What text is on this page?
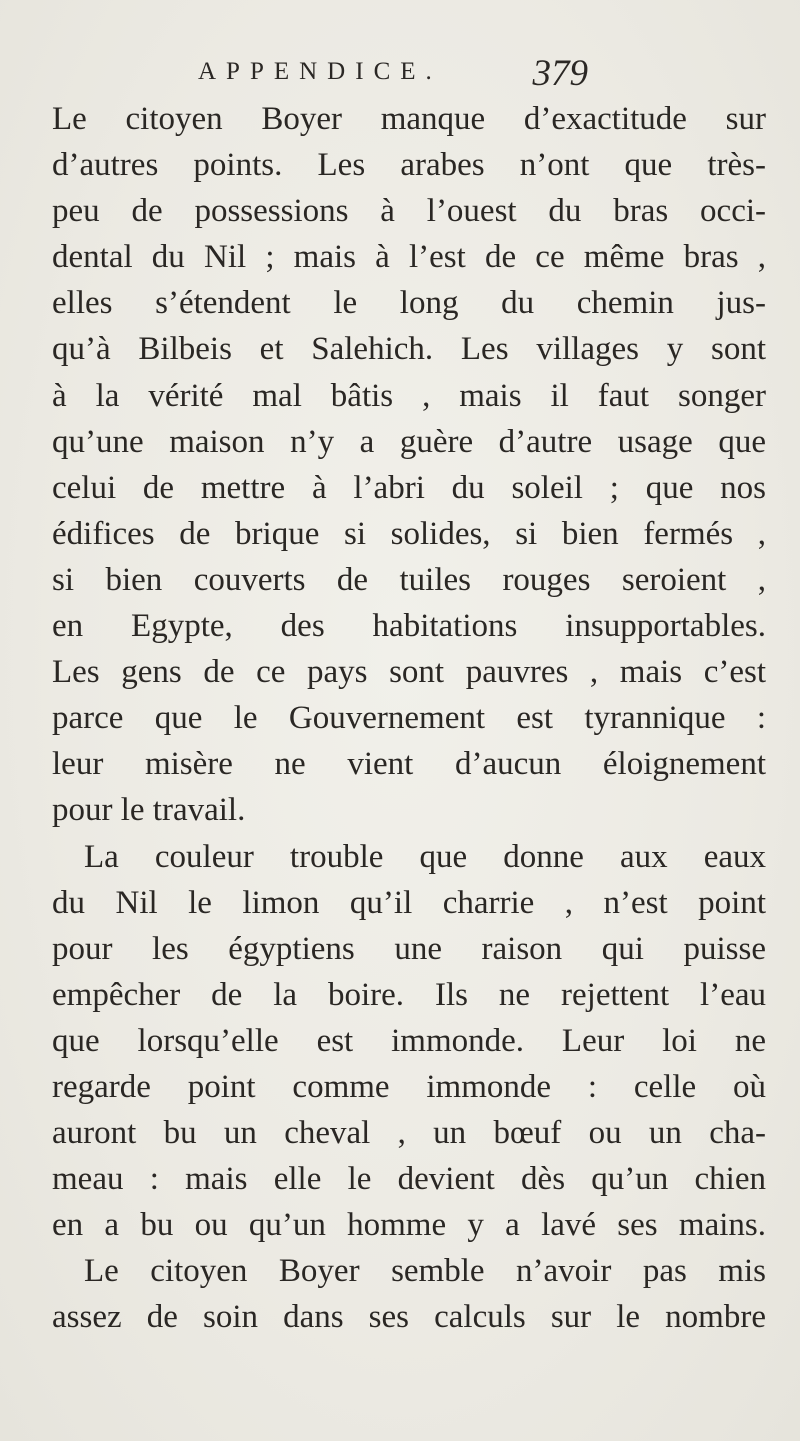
APPENDICE. 379
Le citoyen Boyer manque d’exactitude sur
d’autres points. Les arabes n’ont que très-
peu de possessions à l’ouest du bras occi-
dental du Nil ; mais à l’est de ce même bras ,
elles s’étendent le long du chemin jus-
qu’à Bilbeis et Salehich. Les villages y sont
à la vérité mal bâtis , mais il faut songer
qu’une maison n’y a guère d’autre usage que
celui de mettre à l’abri du soleil ; que nos
édifices de brique si solides, si bien fermés ,
si bien couverts de tuiles rouges seroient ,
en Egypte, des habitations insupportables.
Les gens de ce pays sont pauvres , mais c’est
parce que le Gouvernement est tyrannique :
leur misère ne vient d’aucun éloignement
pour le travail.
La couleur trouble que donne aux eaux
du Nil le limon qu’il charrie , n’est point
pour les égyptiens une raison qui puisse
empêcher de la boire. Ils ne rejettent l’eau
que lorsqu’elle est immonde. Leur loi ne
regarde point comme immonde : celle où
auront bu un cheval , un bœuf ou un cha-
meau : mais elle le devient dès qu’un chien
en a bu ou qu’un homme y a lavé ses mains.
Le citoyen Boyer semble n’avoir pas mis
assez de soin dans ses calculs sur le nombre
